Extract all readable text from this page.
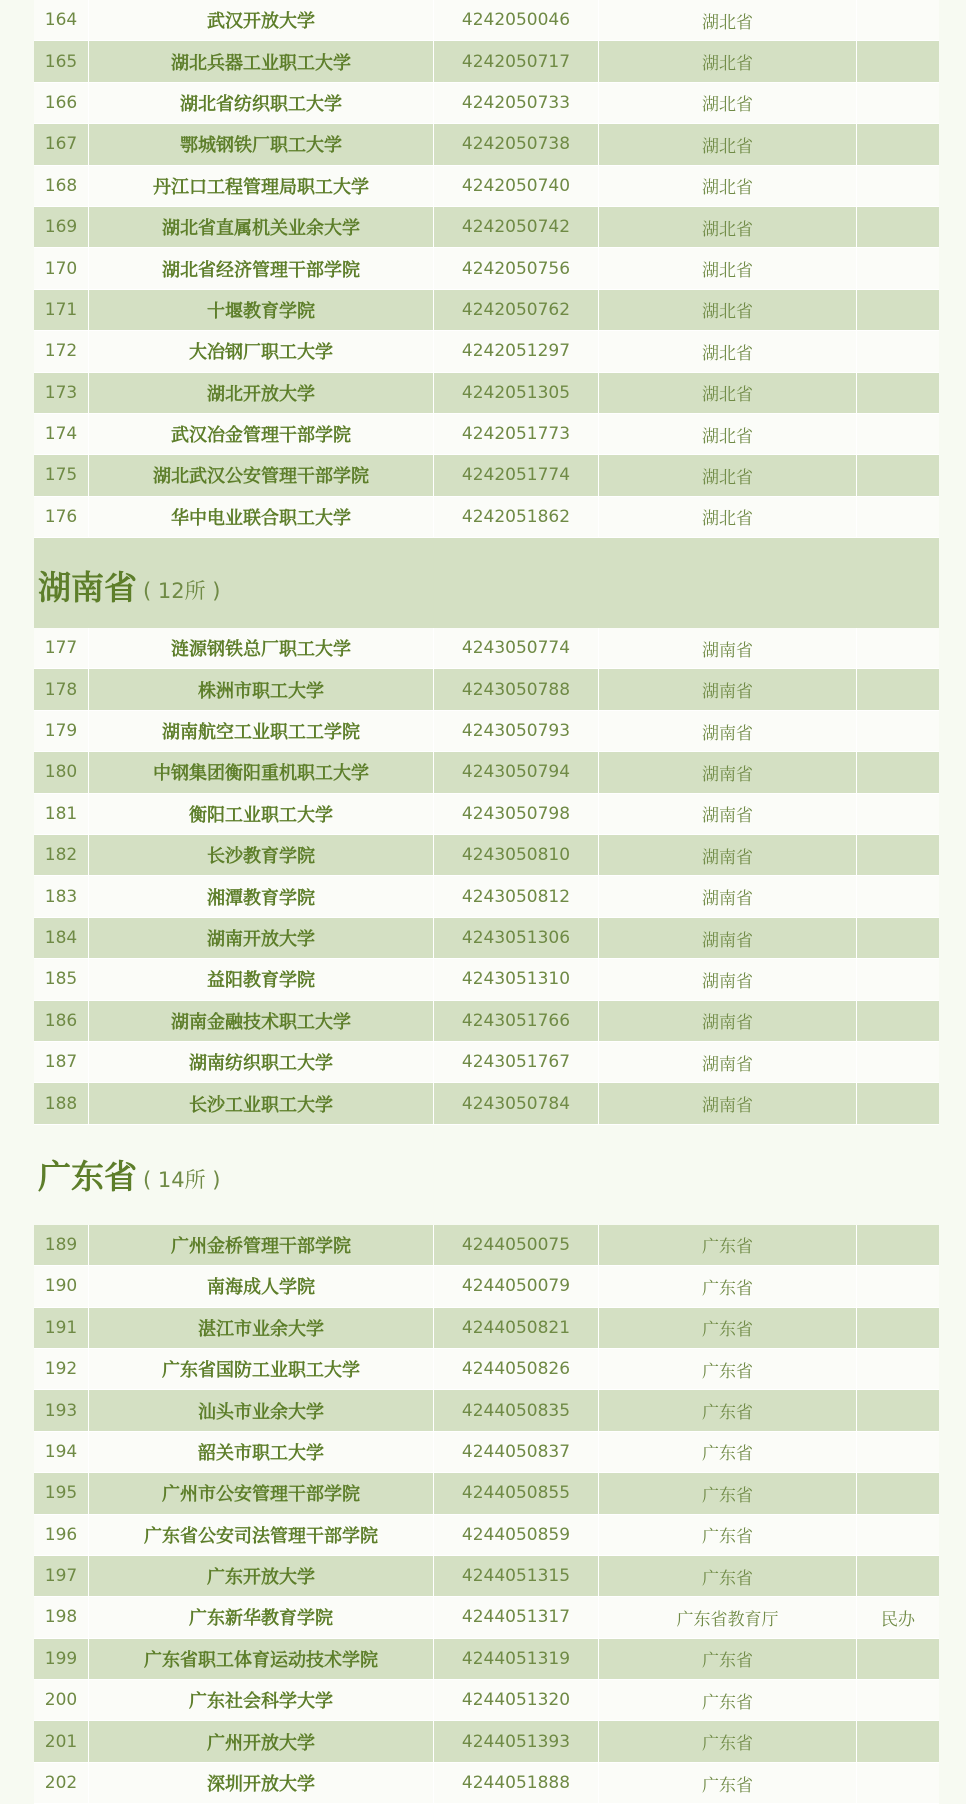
164	武汉开放大学	4242050046	湖北省
165	湖北兵器工业职工大学	4242050717	湖北省
166	湖北省纺织职工大学	4242050733	湖北省
167	鄂城钢铁厂职工大学	4242050738	湖北省
168	丹江口工程管理局职工大学	4242050740	湖北省
169	湖北省直属机关业余大学	4242050742	湖北省
170	湖北省经济管理干部学院	4242050756	湖北省
171	十堰教育学院	4242050762	湖北省
172	大冶钢厂职工大学	4242051297	湖北省
173	湖北开放大学	4242051305	湖北省
174	武汉冶金管理干部学院	4242051773	湖北省
175	湖北武汉公安管理干部学院	4242051774	湖北省
176	华中电业联合职工大学	4242051862	湖北省
湖南省 ( 12所 )
177	涟源钢铁总厂职工大学	4243050774	湖南省
178	株洲市职工大学	4243050788	湖南省
179	湖南航空工业职工工学院	4243050793	湖南省
180	中钢集团衡阳重机职工大学	4243050794	湖南省
181	衡阳工业职工大学	4243050798	湖南省
182	长沙教育学院	4243050810	湖南省
183	湘潭教育学院	4243050812	湖南省
184	湖南开放大学	4243051306	湖南省
185	益阳教育学院	4243051310	湖南省
186	湖南金融技术职工大学	4243051766	湖南省
187	湖南纺织职工大学	4243051767	湖南省
188	长沙工业职工大学	4243050784	湖南省
广东省 ( 14所 )
189	广州金桥管理干部学院	4244050075	广东省
190	南海成人学院	4244050079	广东省
191	湛江市业余大学	4244050821	广东省
192	广东省国防工业职工大学	4244050826	广东省
193	汕头市业余大学	4244050835	广东省
194	韶关市职工大学	4244050837	广东省
195	广州市公安管理干部学院	4244050855	广东省
196	广东省公安司法管理干部学院	4244050859	广东省
197	广东开放大学	4244051315	广东省
198	广东新华教育学院	4244051317	广东省教育厅	民办
199	广东省职工体育运动技术学院	4244051319	广东省
200	广东社会科学大学	4244051320	广东省
201	广州开放大学	4244051393	广东省
202	深圳开放大学	4244051888	广东省
